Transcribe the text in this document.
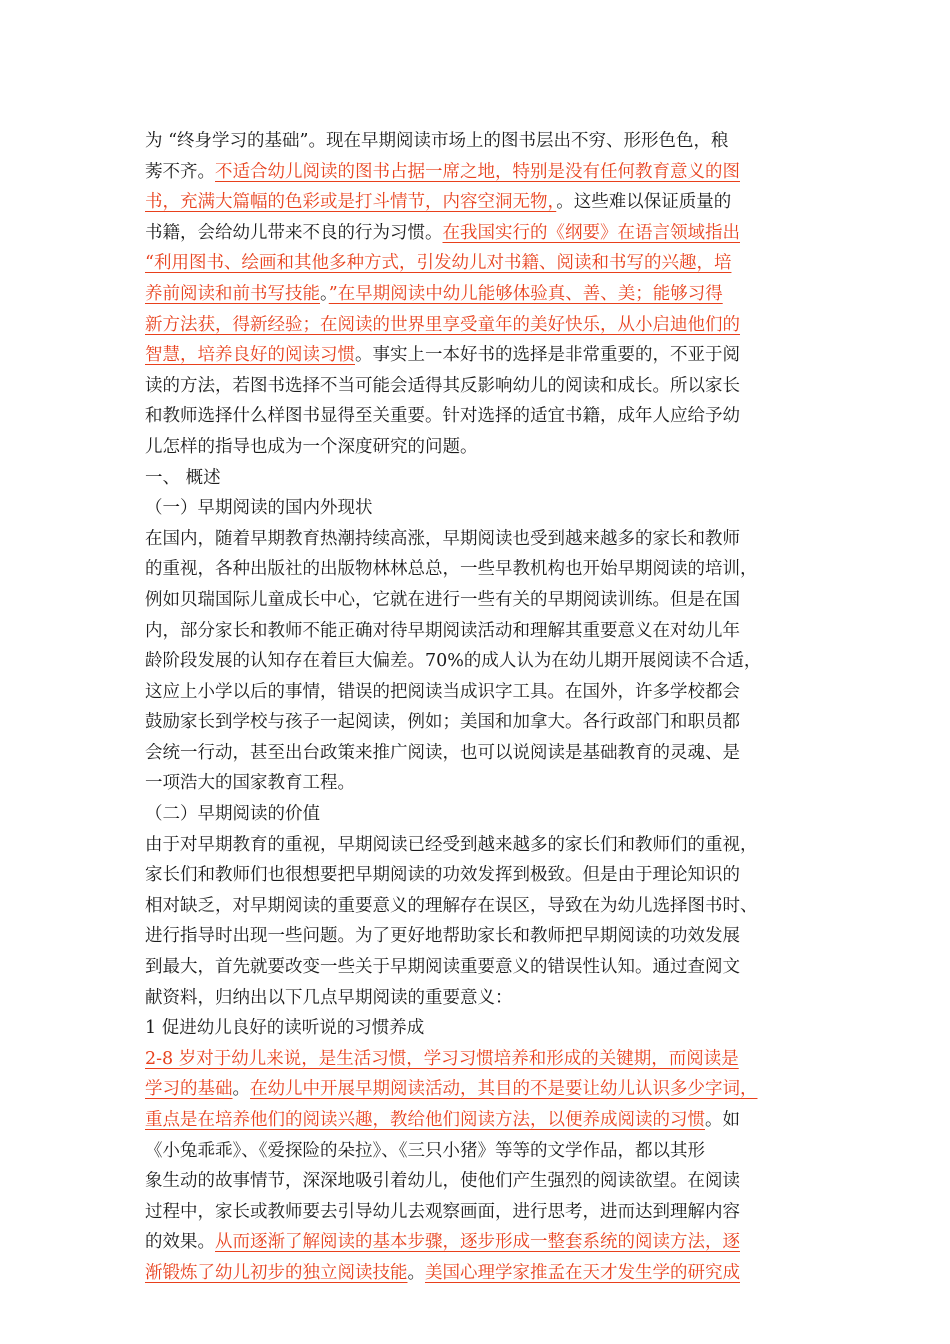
为 “终身学习的基础”。现在早期阅读市场上的图书层出不穷、形形色色，稂
莠不齐。不适合幼儿阅读的图书占据一席之地，特别是没有任何教育意义的图
书，充满大篇幅的色彩或是打斗情节，内容空洞无物，。这些难以保证质量的
书籍，会给幼儿带来不良的行为习惯。在我国实行的《纲要》在语言领域指出
“利用图书、绘画和其他多种方式，引发幼儿对书籍、阅读和书写的兴趣，培
养前阅读和前书写技能。”在早期阅读中幼儿能够体验真、善、美；能够习得
新方法获，得新经验；在阅读的世界里享受童年的美好快乐，从小启迪他们的
智慧，培养良好的阅读习惯。事实上一本好书的选择是非常重要的，不亚于阅
读的方法，若图书选择不当可能会适得其反影响幼儿的阅读和成长。所以家长
和教师选择什么样图书显得至关重要。针对选择的适宜书籍，成年人应给予幼
儿怎样的指导也成为一个深度研究的问题。
一、 概述
（一）早期阅读的国内外现状
在国内，随着早期教育热潮持续高涨，早期阅读也受到越来越多的家长和教师
的重视，各种出版社的出版物林林总总，一些早教机构也开始早期阅读的培训，
例如贝瑞国际儿童成长中心，它就在进行一些有关的早期阅读训练。但是在国
内，部分家长和教师不能正确对待早期阅读活动和理解其重要意义在对幼儿年
龄阶段发展的认知存在着巨大偏差。70%的成人认为在幼儿期开展阅读不合适，
这应上小学以后的事情，错误的把阅读当成识字工具。在国外，许多学校都会
鼓励家长到学校与孩子一起阅读，例如；美国和加拿大。各行政部门和职员都
会统一行动，甚至出台政策来推广阅读，也可以说阅读是基础教育的灵魂、是
一项浩大的国家教育工程。
（二）早期阅读的价值
由于对早期教育的重视，早期阅读已经受到越来越多的家长们和教师们的重视，
家长们和教师们也很想要把早期阅读的功效发挥到极致。但是由于理论知识的
相对缺乏，对早期阅读的重要意义的理解存在误区，导致在为幼儿选择图书时、
进行指导时出现一些问题。为了更好地帮助家长和教师把早期阅读的功效发展
到最大，首先就要改变一些关于早期阅读重要意义的错误性认知。通过查阅文
献资料，归纳出以下几点早期阅读的重要意义：
1 促进幼儿良好的读听说的习惯养成
2-8 岁对于幼儿来说，是生活习惯，学习习惯培养和形成的关键期，而阅读是
学习的基础。在幼儿中开展早期阅读活动，其目的不是要让幼儿认识多少字词，
重点是在培养他们的阅读兴趣，教给他们阅读方法，以便养成阅读的习惯。如
《小兔乖乖》、《爱探险的朵拉》、《三只小猪》等等的文学作品，都以其形
象生动的故事情节，深深地吸引着幼儿，使他们产生强烈的阅读欲望。在阅读
过程中，家长或教师要去引导幼儿去观察画面，进行思考，进而达到理解内容
的效果。从而逐渐了解阅读的基本步骤，逐步形成一整套系统的阅读方法，逐
渐锻炼了幼儿初步的独立阅读技能。美国心理学家推孟在天才发生学的研究成
